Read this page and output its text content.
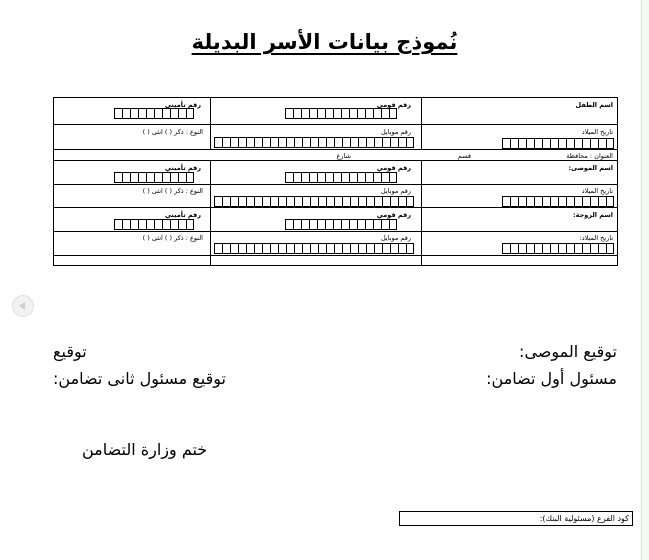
نُموذج بيانات الأسر البديلة
اسم الطفل
رقم قومي
رقم تأميني
تاريخ الميلاد
رقم موبايل
النوع : ذكر ( ) انثى ( )
العنوان : محافظة
قسم
شارع
اسم الموصى:
رقم قومي
رقم تأميني
تاريخ الميلاد
رقم موبايل
النوع : ذكر ( ) انثى ( )
اسم الزوجة:
رقم قومي
رقم تأميني
تاريخ الميلاد:
رقم موبايل
النوع : ذكر ( ) انثى ( )
توقيع الموصى:
توقيع
مسئول أول تضامن:
توقيع مسئول ثانى تضامن:
ختم وزارة التضامن
كود الفرع (مسئولية البنك):
